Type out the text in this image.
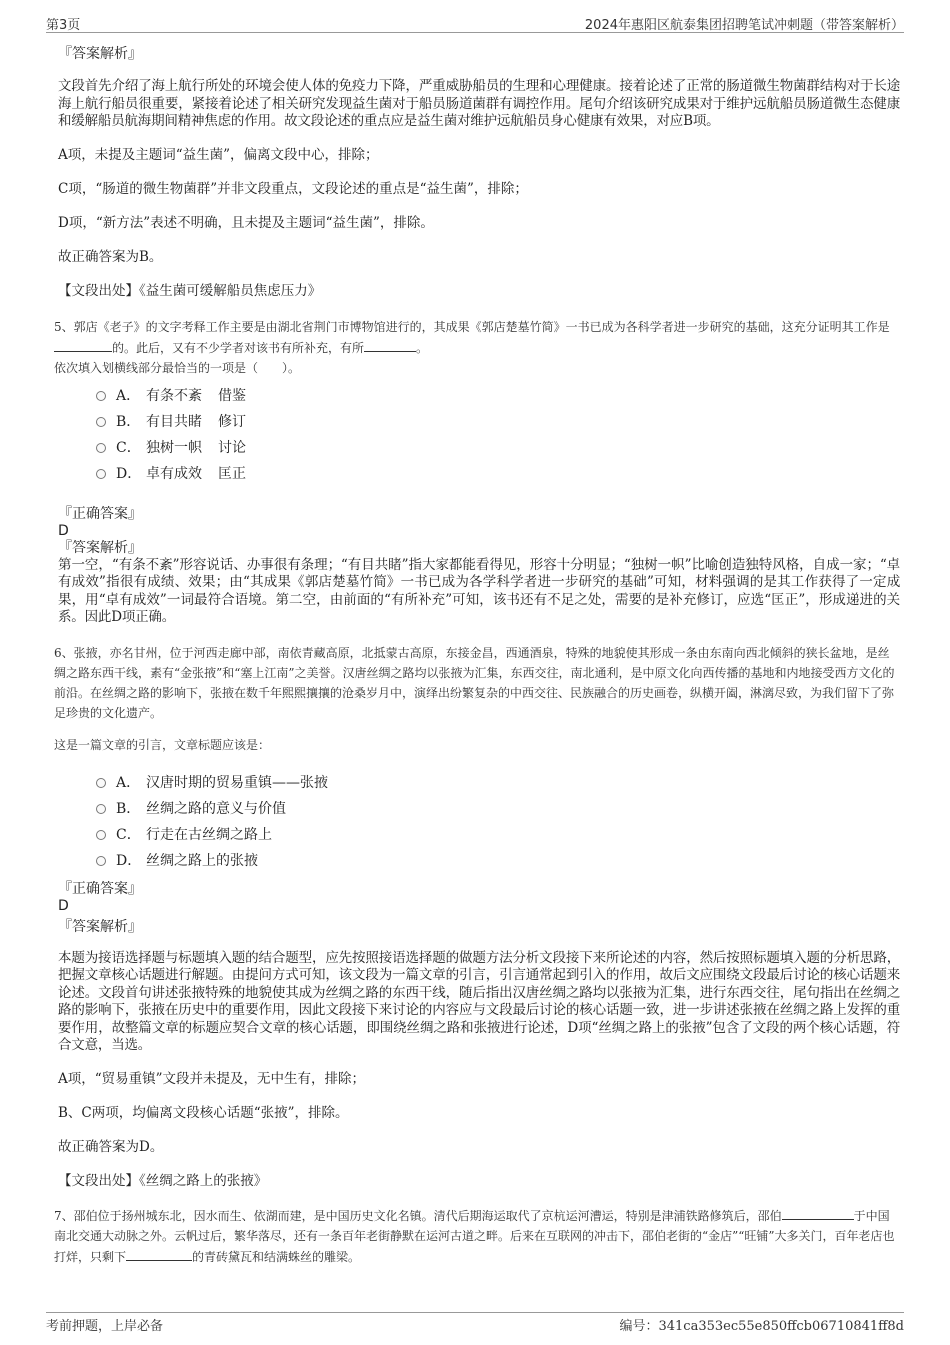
第3页	2024年惠阳区航泰集团招聘笔试冲刺题（带答案解析）

『答案解析』

文段首先介绍了海上航行所处的环境会使人体的免疫力下降，严重威胁船员的生理和心理健康。接着论述了正常的肠道微生物菌群结构对于长途海上航行船员很重要，紧接着论述了相关研究发现益生菌对于船员肠道菌群有调控作用。尾句介绍该研究成果对于维护远航船员肠道微生态健康和缓解船员航海期间精神焦虑的作用。故文段论述的重点应是益生菌对维护远航船员身心健康有效果，对应B项。

A项，未提及主题词“益生菌”，偏离文段中心，排除；

C项，“肠道的微生物菌群”并非文段重点，文段论述的重点是“益生菌”，排除；

D项，“新方法”表述不明确，且未提及主题词“益生菌”，排除。

故正确答案为B。

【文段出处】《益生菌可缓解船员焦虑压力》

5、郭店《老子》的文字考释工作主要是由湖北省荆门市博物馆进行的，其成果《郭店楚墓竹简》一书已成为各科学者进一步研究的基础，这充分证明其工作是的。此后，又有不少学者对该书有所补充，有所	。

依次填入划横线部分最恰当的一项是（　　）。

A． 有条不紊 借鉴
B． 有目共睹 修订
C． 独树一帜 讨论
D． 卓有成效 匡正

『正确答案』

D

『答案解析』

第一空，“有条不紊”形容说话、办事很有条理；“有目共睹”指大家都能看得见，形容十分明显；“独树一帜”比喻创造独特风格，自成一家；“卓有成效”指很有成绩、效果；由“其成果《郭店楚墓竹简》一书已成为各学科学者进一步研究的基础”可知，材料强调的是其工作获得了一定成果，用“卓有成效”一词最符合语境。第二空，由前面的“有所补充”可知，该书还有不足之处，需要的是补充修订，应选“匡正”，形成递进的关系。因此D项正确。

6、张掖，亦名甘州，位于河西走廊中部，南依青藏高原，北抵蒙古高原，东接金昌，西通酒泉，特殊的地貌使其形成一条由东南向西北倾斜的狭长盆地，是丝绸之路东西干线，素有“金张掖”和“塞上江南”之美誉。汉唐丝绸之路均以张掖为汇集，东西交往，南北通利，是中原文化向西传播的基地和内地接受西方文化的前沿。在丝绸之路的影响下，张掖在数千年熙熙攘攘的沧桑岁月中，演绎出纷繁复杂的中西交往、民族融合的历史画卷，纵横开阖，淋漓尽致，为我们留下了弥足珍贵的文化遗产。

这是一篇文章的引言，文章标题应该是：

A． 汉唐时期的贸易重镇——张掖
B． 丝绸之路的意义与价值
C． 行走在古丝绸之路上
D． 丝绸之路上的张掖

『正确答案』

D

『答案解析』

本题为接语选择题与标题填入题的结合题型，应先按照接语选择题的做题方法分析文段接下来所论述的内容，然后按照标题填入题的分析思路，把握文章核心话题进行解题。由提问方式可知，该文段为一篇文章的引言，引言通常起到引入的作用，故后文应围绕文段最后讨论的核心话题来论述。文段首句讲述张掖特殊的地貌使其成为丝绸之路的东西干线，随后指出汉唐丝绸之路均以张掖为汇集，进行东西交往，尾句指出在丝绸之路的影响下，张掖在历史中的重要作用，因此文段接下来讨论的内容应与文段最后讨论的核心话题一致，进一步讲述张掖在丝绸之路上发挥的重要作用，故整篇文章的标题应契合文章的核心话题，即围绕丝绸之路和张掖进行论述，D项“丝绸之路上的张掖”包含了文段的两个核心话题，符合文意，当选。

A项，“贸易重镇”文段并未提及，无中生有，排除；

B、C两项，均偏离文段核心话题“张掖”，排除。

故正确答案为D。

【文段出处】《丝绸之路上的张掖》

7、邵伯位于扬州城东北，因水而生、依湖而建，是中国历史文化名镇。清代后期海运取代了京杭运河漕运，特别是津浦铁路修筑后，邵伯	于中国南北交通大动脉之外。云帆过后，繁华落尽，还有一条百年老街静默在运河古道之畔。后来在互联网的冲击下，邵伯老街的“金店”“旺铺”大多关门，百年老店也打烊，只剩下	的青砖黛瓦和结满蛛丝的雕梁。

考前押题，上岸必备	编号：341ca353ec55e850ffcb06710841ff8d
